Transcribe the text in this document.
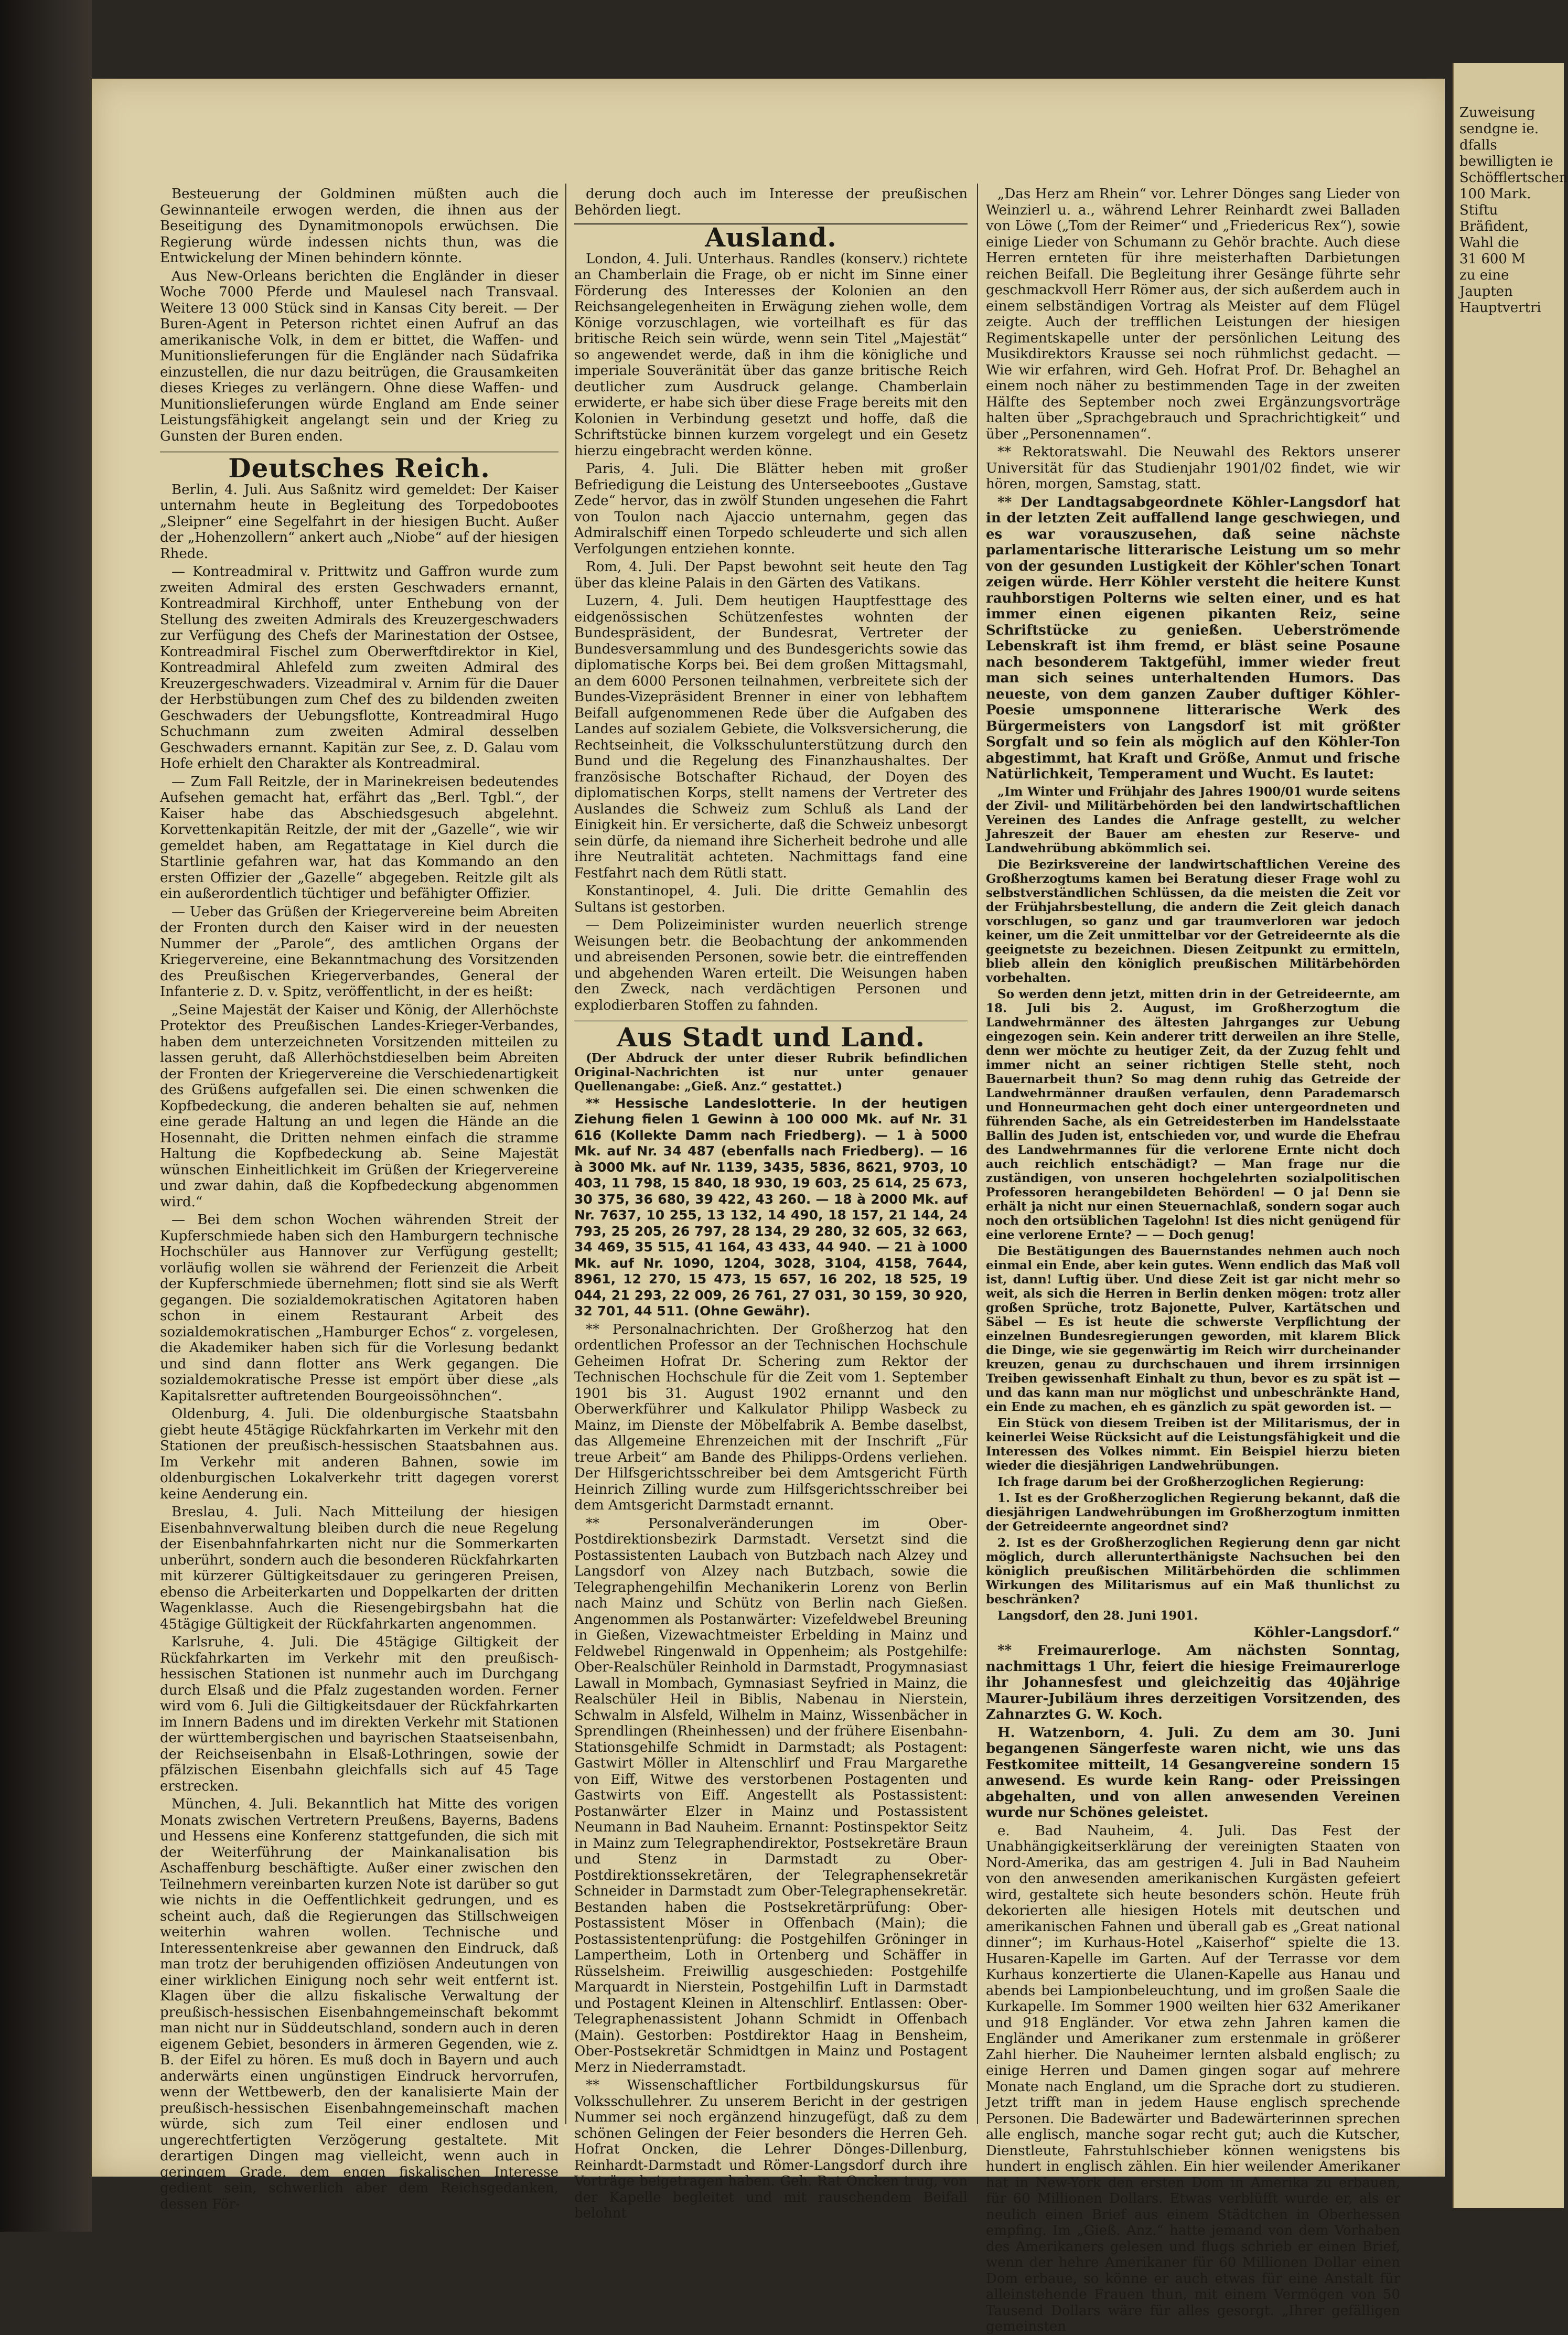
Besteuerung der Goldminen müßten auch die Gewinnanteile erwogen werden, die ihnen aus der Beseitigung des Dynamitmonopols erwüchsen. Die Regierung würde indessen nichts thun, was die Entwickelung der Minen behindern könnte.

Aus New-Orleans berichten die Engländer in dieser Woche 7000 Pferde und Maulesel nach Transvaal. Weitere 13 000 Stück sind in Kansas City bereit. — Der Buren-Agent in Peterson richtet einen Aufruf an das amerikanische Volk, in dem er bittet, die Waffen- und Munitionslieferungen für die Engländer nach Südafrika einzustellen, die nur dazu beitrügen, die Grausamkeiten dieses Krieges zu verlängern. Ohne diese Waffen- und Munitionslieferungen würde England am Ende seiner Leistungsfähigkeit angelangt sein und der Krieg zu Gunsten der Buren enden.

Deutsches Reich.

Berlin, 4. Juli. Aus Saßnitz wird gemeldet: Der Kaiser unternahm heute in Begleitung des Torpedobootes „Sleipner“ eine Segelfahrt in der hiesigen Bucht. Außer der „Hohenzollern“ ankert auch „Niobe“ auf der hiesigen Rhede.

— Kontreadmiral v. Prittwitz und Gaffron wurde zum zweiten Admiral des ersten Geschwaders ernannt, Kontreadmiral Kirchhoff, unter Enthebung von der Stellung des zweiten Admirals des Kreuzergeschwaders zur Verfügung des Chefs der Marinestation der Ostsee, Kontreadmiral Fischel zum Oberwerftdirektor in Kiel, Kontreadmiral Ahlefeld zum zweiten Admiral des Kreuzergeschwaders. Vizeadmiral v. Arnim für die Dauer der Herbstübungen zum Chef des zu bildenden zweiten Geschwaders der Uebungsflotte, Kontreadmiral Hugo Schuchmann zum zweiten Admiral desselben Geschwaders ernannt. Kapitän zur See, z. D. Galau vom Hofe erhielt den Charakter als Kontreadmiral.

— Zum Fall Reitzle, der in Marinekreisen bedeutendes Aufsehen gemacht hat, erfährt das „Berl. Tgbl.“, der Kaiser habe das Abschiedsgesuch abgelehnt. Korvettenkapitän Reitzle, der mit der „Gazelle“, wie wir gemeldet haben, am Regattatage in Kiel durch die Startlinie gefahren war, hat das Kommando an den ersten Offizier der „Gazelle“ abgegeben. Reitzle gilt als ein außerordentlich tüchtiger und befähigter Offizier.

— Ueber das Grüßen der Kriegervereine beim Abreiten der Fronten durch den Kaiser wird in der neuesten Nummer der „Parole“, des amtlichen Organs der Kriegervereine, eine Bekanntmachung des Vorsitzenden des Preußischen Kriegerverbandes, General der Infanterie z. D. v. Spitz, veröffentlicht, in der es heißt:

„Seine Majestät der Kaiser und König, der Allerhöchste Protektor des Preußischen Landes-Krieger-Verbandes, haben dem unterzeichneten Vorsitzenden mitteilen zu lassen geruht, daß Allerhöchstdieselben beim Abreiten der Fronten der Kriegervereine die Verschiedenartigkeit des Grüßens aufgefallen sei. Die einen schwenken die Kopfbedeckung, die anderen behalten sie auf, nehmen eine gerade Haltung an und legen die Hände an die Hosennaht, die Dritten nehmen einfach die stramme Haltung die Kopfbedeckung ab. Seine Majestät wünschen Einheitlichkeit im Grüßen der Kriegervereine und zwar dahin, daß die Kopfbedeckung abgenommen wird.“

— Bei dem schon Wochen währenden Streit der Kupferschmiede haben sich den Hamburgern technische Hochschüler aus Hannover zur Verfügung gestellt; vorläufig wollen sie während der Ferienzeit die Arbeit der Kupferschmiede übernehmen; flott sind sie als Werft gegangen. Die sozialdemokratischen Agitatoren haben schon in einem Restaurant Arbeit des sozialdemokratischen „Hamburger Echos“ z. vorgelesen, die Akademiker haben sich für die Vorlesung bedankt und sind dann flotter ans Werk gegangen. Die sozialdemokratische Presse ist empört über diese „als Kapitalsretter auftretenden Bourgeoissöhnchen“.

Oldenburg, 4. Juli. Die oldenburgische Staatsbahn giebt heute 45tägige Rückfahrkarten im Verkehr mit den Stationen der preußisch-hessischen Staatsbahnen aus. Im Verkehr mit anderen Bahnen, sowie im oldenburgischen Lokalverkehr tritt dagegen vorerst keine Aenderung ein.

Breslau, 4. Juli. Nach Mitteilung der hiesigen Eisenbahnverwaltung bleiben durch die neue Regelung der Eisenbahnfahrkarten nicht nur die Sommerkarten unberührt, sondern auch die besonderen Rückfahrkarten mit kürzerer Gültigkeitsdauer zu geringeren Preisen, ebenso die Arbeiterkarten und Doppelkarten der dritten Wagenklasse. Auch die Riesengebirgsbahn hat die 45tägige Gültigkeit der Rückfahrkarten angenommen.

Karlsruhe, 4. Juli. Die 45tägige Giltigkeit der Rückfahrkarten im Verkehr mit den preußisch-hessischen Stationen ist nunmehr auch im Durchgang durch Elsaß und die Pfalz zugestanden worden. Ferner wird vom 6. Juli die Giltigkeitsdauer der Rückfahrkarten im Innern Badens und im direkten Verkehr mit Stationen der württembergischen und bayrischen Staatseisenbahn, der Reichseisenbahn in Elsaß-Lothringen, sowie der pfälzischen Eisenbahn gleichfalls sich auf 45 Tage erstrecken.

München, 4. Juli. Bekanntlich hat Mitte des vorigen Monats zwischen Vertretern Preußens, Bayerns, Badens und Hessens eine Konferenz stattgefunden, die sich mit der Weiterführung der Mainkanalisation bis Aschaffenburg beschäftigte. Außer einer zwischen den Teilnehmern vereinbarten kurzen Note ist darüber so gut wie nichts in die Oeffentlichkeit gedrungen, und es scheint auch, daß die Regierungen das Stillschweigen weiterhin wahren wollen. Technische und Interessentenkreise aber gewannen den Eindruck, daß man trotz der beruhigenden offiziösen Andeutungen von einer wirklichen Einigung noch sehr weit entfernt ist. Klagen über die allzu fiskalische Verwaltung der preußisch-hessischen Eisenbahngemeinschaft bekommt man nicht nur in Süddeutschland, sondern auch in deren eigenem Gebiet, besonders in ärmeren Gegenden, wie z. B. der Eifel zu hören. Es muß doch in Bayern und auch anderwärts einen ungünstigen Eindruck hervorrufen, wenn der Wettbewerb, den der kanalisierte Main der preußisch-hessischen Eisenbahngemeinschaft machen würde, sich zum Teil einer endlosen und ungerechtfertigten Verzögerung gestaltete. Mit derartigen Dingen mag vielleicht, wenn auch in geringem Grade, dem engen fiskalischen Interesse gedient sein, schwerlich aber dem Reichsgedanken, dessen För-

derung doch auch im Interesse der preußischen Behörden liegt.

Ausland.

London, 4. Juli. Unterhaus. Randles (konserv.) richtete an Chamberlain die Frage, ob er nicht im Sinne einer Förderung des Interesses der Kolonien an den Reichsangelegenheiten in Erwägung ziehen wolle, dem Könige vorzuschlagen, wie vorteilhaft es für das britische Reich sein würde, wenn sein Titel „Majestät“ so angewendet werde, daß in ihm die königliche und imperiale Souveränität über das ganze britische Reich deutlicher zum Ausdruck gelange. Chamberlain erwiderte, er habe sich über diese Frage bereits mit den Kolonien in Verbindung gesetzt und hoffe, daß die Schriftstücke binnen kurzem vorgelegt und ein Gesetz hierzu eingebracht werden könne.

Paris, 4. Juli. Die Blätter heben mit großer Befriedigung die Leistung des Unterseebootes „Gustave Zede“ hervor, das in zwölf Stunden ungesehen die Fahrt von Toulon nach Ajaccio unternahm, gegen das Admiralschiff einen Torpedo schleuderte und sich allen Verfolgungen entziehen konnte.

Rom, 4. Juli. Der Papst bewohnt seit heute den Tag über das kleine Palais in den Gärten des Vatikans.

Luzern, 4. Juli. Dem heutigen Hauptfesttage des eidgenössischen Schützenfestes wohnten der Bundespräsident, der Bundesrat, Vertreter der Bundesversammlung und des Bundesgerichts sowie das diplomatische Korps bei. Bei dem großen Mittagsmahl, an dem 6000 Personen teilnahmen, verbreitete sich der Bundes-Vizepräsident Brenner in einer von lebhaftem Beifall aufgenommenen Rede über die Aufgaben des Landes auf sozialem Gebiete, die Volksversicherung, die Rechtseinheit, die Volksschulunterstützung durch den Bund und die Regelung des Finanzhaushaltes. Der französische Botschafter Richaud, der Doyen des diplomatischen Korps, stellt namens der Vertreter des Auslandes die Schweiz zum Schluß als Land der Einigkeit hin. Er versicherte, daß die Schweiz unbesorgt sein dürfe, da niemand ihre Sicherheit bedrohe und alle ihre Neutralität achteten. Nachmittags fand eine Festfahrt nach dem Rütli statt.

Konstantinopel, 4. Juli. Die dritte Gemahlin des Sultans ist gestorben.

— Dem Polizeiminister wurden neuerlich strenge Weisungen betr. die Beobachtung der ankommenden und abreisenden Personen, sowie betr. die eintreffenden und abgehenden Waren erteilt. Die Weisungen haben den Zweck, nach verdächtigen Personen und explodierbaren Stoffen zu fahnden.

Aus Stadt und Land.

(Der Abdruck der unter dieser Rubrik befindlichen Original-Nachrichten ist nur unter genauer Quellenangabe: „Gieß. Anz.“ gestattet.)

** Hessische Landeslotterie. In der heutigen Ziehung fielen 1 Gewinn à 100 000 Mk. auf Nr. 31 616 (Kollekte Damm nach Friedberg). — 1 à 5000 Mk. auf Nr. 34 487 (ebenfalls nach Friedberg). — 16 à 3000 Mk. auf Nr. 1139, 3435, 5836, 8621, 9703, 10 403, 11 798, 15 840, 18 930, 19 603, 25 614, 25 673, 30 375, 36 680, 39 422, 43 260. — 18 à 2000 Mk. auf Nr. 7637, 10 255, 13 132, 14 490, 18 157, 21 144, 24 793, 25 205, 26 797, 28 134, 29 280, 32 605, 32 663, 34 469, 35 515, 41 164, 43 433, 44 940. — 21 à 1000 Mk. auf Nr. 1090, 1204, 3028, 3104, 4158, 7644, 8961, 12 270, 15 473, 15 657, 16 202, 18 525, 19 044, 21 293, 22 009, 26 761, 27 031, 30 159, 30 920, 32 701, 44 511. (Ohne Gewähr).

** Personalnachrichten. Der Großherzog hat den ordentlichen Professor an der Technischen Hochschule Geheimen Hofrat Dr. Schering zum Rektor der Technischen Hochschule für die Zeit vom 1. September 1901 bis 31. August 1902 ernannt und den Oberwerkführer und Kalkulator Philipp Wasbeck zu Mainz, im Dienste der Möbelfabrik A. Bembe daselbst, das Allgemeine Ehrenzeichen mit der Inschrift „Für treue Arbeit“ am Bande des Philipps-Ordens verliehen. Der Hilfsgerichtsschreiber bei dem Amtsgericht Fürth Heinrich Zilling wurde zum Hilfsgerichtsschreiber bei dem Amtsgericht Darmstadt ernannt.

** Personalveränderungen im Ober-Postdirektionsbezirk Darmstadt. Versetzt sind die Postassistenten Laubach von Butzbach nach Alzey und Langsdorf von Alzey nach Butzbach, sowie die Telegraphengehilfin Mechanikerin Lorenz von Berlin nach Mainz und Schütz von Berlin nach Gießen. Angenommen als Postanwärter: Vizefeldwebel Breuning in Gießen, Vizewachtmeister Erbelding in Mainz und Feldwebel Ringenwald in Oppenheim; als Postgehilfe: Ober-Realschüler Reinhold in Darmstadt, Progymnasiast Lawall in Mombach, Gymnasiast Seyfried in Mainz, die Realschüler Heil in Biblis, Nabenau in Nierstein, Schwalm in Alsfeld, Wilhelm in Mainz, Wissenbächer in Sprendlingen (Rheinhessen) und der frühere Eisenbahn-Stationsgehilfe Schmidt in Darmstadt; als Postagent: Gastwirt Möller in Altenschlirf und Frau Margarethe von Eiff, Witwe des verstorbenen Postagenten und Gastwirts von Eiff. Angestellt als Postassistent: Postanwärter Elzer in Mainz und Postassistent Neumann in Bad Nauheim. Ernannt: Postinspektor Seitz in Mainz zum Telegraphendirektor, Postsekretäre Braun und Stenz in Darmstadt zu Ober-Postdirektionssekretären, der Telegraphensekretär Schneider in Darmstadt zum Ober-Telegraphensekretär. Bestanden haben die Postsekretärprüfung: Ober-Postassistent Möser in Offenbach (Main); die Postassistentenprüfung: die Postgehilfen Gröninger in Lampertheim, Loth in Ortenberg und Schäffer in Rüsselsheim. Freiwillig ausgeschieden: Postgehilfe Marquardt in Nierstein, Postgehilfin Luft in Darmstadt und Postagent Kleinen in Altenschlirf. Entlassen: Ober-Telegraphenassistent Johann Schmidt in Offenbach (Main). Gestorben: Postdirektor Haag in Bensheim, Ober-Postsekretär Schmidtgen in Mainz und Postagent Merz in Niederramstadt.

** Wissenschaftlicher Fortbildungskursus für Volksschullehrer. Zu unserem Bericht in der gestrigen Nummer sei noch ergänzend hinzugefügt, daß zu dem schönen Gelingen der Feier besonders die Herren Geh. Hofrat Oncken, die Lehrer Dönges-Dillenburg, Reinhardt-Darmstadt und Römer-Langsdorf durch ihre Vorträge beigetragen haben. Geh. Rat Oncken trug, von der Kapelle begleitet und mit rauschendem Beifall belohnt

„Das Herz am Rhein“ vor. Lehrer Dönges sang Lieder von Weinzierl u. a., während Lehrer Reinhardt zwei Balladen von Löwe („Tom der Reimer“ und „Friedericus Rex“), sowie einige Lieder von Schumann zu Gehör brachte. Auch diese Herren ernteten für ihre meisterhaften Darbietungen reichen Beifall. Die Begleitung ihrer Gesänge führte sehr geschmackvoll Herr Römer aus, der sich außerdem auch in einem selbständigen Vortrag als Meister auf dem Flügel zeigte. Auch der trefflichen Leistungen der hiesigen Regimentskapelle unter der persönlichen Leitung des Musikdirektors Krausse sei noch rühmlichst gedacht. — Wie wir erfahren, wird Geh. Hofrat Prof. Dr. Behaghel an einem noch näher zu bestimmenden Tage in der zweiten Hälfte des September noch zwei Ergänzungsvorträge halten über „Sprachgebrauch und Sprachrichtigkeit“ und über „Personennamen“.

** Rektoratswahl. Die Neuwahl des Rektors unserer Universität für das Studienjahr 1901/02 findet, wie wir hören, morgen, Samstag, statt.

** Der Landtagsabgeordnete Köhler-Langsdorf hat in der letzten Zeit auffallend lange geschwiegen, und es war vorauszusehen, daß seine nächste parlamentarische litterarische Leistung um so mehr von der gesunden Lustigkeit der Köhler'schen Tonart zeigen würde. Herr Köhler versteht die heitere Kunst rauhborstigen Polterns wie selten einer, und es hat immer einen eigenen pikanten Reiz, seine Schriftstücke zu genießen. Ueberströmende Lebenskraft ist ihm fremd, er bläst seine Posaune nach besonderem Taktgefühl, immer wieder freut man sich seines unterhaltenden Humors. Das neueste, von dem ganzen Zauber duftiger Köhler-Poesie umsponnene litterarische Werk des Bürgermeisters von Langsdorf ist mit größter Sorgfalt und so fein als möglich auf den Köhler-Ton abgestimmt, hat Kraft und Größe, Anmut und frische Natürlichkeit, Temperament und Wucht. Es lautet:

„Im Winter und Frühjahr des Jahres 1900/01 wurde seitens der Zivil- und Militärbehörden bei den landwirtschaftlichen Vereinen des Landes die Anfrage gestellt, zu welcher Jahreszeit der Bauer am ehesten zur Reserve- und Landwehrübung abkömmlich sei.

Die Bezirksvereine der landwirtschaftlichen Vereine des Großherzogtums kamen bei Beratung dieser Frage wohl zu selbstverständlichen Schlüssen, da die meisten die Zeit vor der Frühjahrsbestellung, die andern die Zeit gleich danach vorschlugen, so ganz und gar traumverloren war jedoch keiner, um die Zeit unmittelbar vor der Getreideernte als die geeignetste zu bezeichnen. Diesen Zeitpunkt zu ermitteln, blieb allein den königlich preußischen Militärbehörden vorbehalten.

So werden denn jetzt, mitten drin in der Getreideernte, am 18. Juli bis 2. August, im Großherzogtum die Landwehrmänner des ältesten Jahrganges zur Uebung eingezogen sein. Kein anderer tritt derweilen an ihre Stelle, denn wer möchte zu heutiger Zeit, da der Zuzug fehlt und immer nicht an seiner richtigen Stelle steht, noch Bauernarbeit thun? So mag denn ruhig das Getreide der Landwehrmänner draußen verfaulen, denn Parademarsch und Honneurmachen geht doch einer untergeordneten und führenden Sache, als ein Getreidesterben im Handelsstaate Ballin des Juden ist, entschieden vor, und wurde die Ehefrau des Landwehrmannes für die verlorene Ernte nicht doch auch reichlich entschädigt? — Man frage nur die zuständigen, von unseren hochgelehrten sozialpolitischen Professoren herangebildeten Behörden! — O ja! Denn sie erhält ja nicht nur einen Steuernachlaß, sondern sogar auch noch den ortsüblichen Tagelohn! Ist dies nicht genügend für eine verlorene Ernte? — — Doch genug!

Die Bestätigungen des Bauernstandes nehmen auch noch einmal ein Ende, aber kein gutes. Wenn endlich das Maß voll ist, dann! Luftig über. Und diese Zeit ist gar nicht mehr so weit, als sich die Herren in Berlin denken mögen: trotz aller großen Sprüche, trotz Bajonette, Pulver, Kartätschen und Säbel — Es ist heute die schwerste Verpflichtung der einzelnen Bundesregierungen geworden, mit klarem Blick die Dinge, wie sie gegenwärtig im Reich wirr durcheinander kreuzen, genau zu durchschauen und ihrem irrsinnigen Treiben gewissenhaft Einhalt zu thun, bevor es zu spät ist — und das kann man nur möglichst und unbeschränkte Hand, ein Ende zu machen, eh es gänzlich zu spät geworden ist. —

Ein Stück von diesem Treiben ist der Militarismus, der in keinerlei Weise Rücksicht auf die Leistungsfähigkeit und die Interessen des Volkes nimmt. Ein Beispiel hierzu bieten wieder die diesjährigen Landwehrübungen.

Ich frage darum bei der Großherzoglichen Regierung:

1. Ist es der Großherzoglichen Regierung bekannt, daß die diesjährigen Landwehrübungen im Großherzogtum inmitten der Getreideernte angeordnet sind?

2. Ist es der Großherzoglichen Regierung denn gar nicht möglich, durch allerunterthänigste Nachsuchen bei den königlich preußischen Militärbehörden die schlimmen Wirkungen des Militarismus auf ein Maß thunlichst zu beschränken?

Langsdorf, den 28. Juni 1901.

Köhler-Langsdorf.“

** Freimaurerloge. Am nächsten Sonntag, nachmittags 1 Uhr, feiert die hiesige Freimaurerloge ihr Johannesfest und gleichzeitig das 40jährige Maurer-Jubiläum ihres derzeitigen Vorsitzenden, des Zahnarztes G. W. Koch.

H. Watzenborn, 4. Juli. Zu dem am 30. Juni begangenen Sängerfeste waren nicht, wie uns das Festkomitee mitteilt, 14 Gesangvereine sondern 15 anwesend. Es wurde kein Rang- oder Preissingen abgehalten, und von allen anwesenden Vereinen wurde nur Schönes geleistet.

e. Bad Nauheim, 4. Juli. Das Fest der Unabhängigkeitserklärung der vereinigten Staaten von Nord-Amerika, das am gestrigen 4. Juli in Bad Nauheim von den anwesenden amerikanischen Kurgästen gefeiert wird, gestaltete sich heute besonders schön. Heute früh dekorierten alle hiesigen Hotels mit deutschen und amerikanischen Fahnen und überall gab es „Great national dinner“; im Kurhaus-Hotel „Kaiserhof“ spielte die 13. Husaren-Kapelle im Garten. Auf der Terrasse vor dem Kurhaus konzertierte die Ulanen-Kapelle aus Hanau und abends bei Lampionbeleuchtung, und im großen Saale die Kurkapelle. Im Sommer 1900 weilten hier 632 Amerikaner und 918 Engländer. Vor etwa zehn Jahren kamen die Engländer und Amerikaner zum erstenmale in größerer Zahl hierher. Die Nauheimer lernten alsbald englisch; zu einige Herren und Damen gingen sogar auf mehrere Monate nach England, um die Sprache dort zu studieren. Jetzt trifft man in jedem Hause englisch sprechende Personen. Die Badewärter und Badewärterinnen sprechen alle englisch, manche sogar recht gut; auch die Kutscher, Dienstleute, Fahrstuhlschieber können wenigstens bis hundert in englisch zählen. Ein hier weilender Amerikaner hat in New-York den ersten Dom in Amerika zu erbauen, für 60 Millionen Dollars. Etwas verblüfft wurde er, als er neulich einen Brief aus einem Städtchen in Oberhessen empfing. Im „Gieß. Anz.“ hatte jemand von dem Vorhaben des Amerikaners gelesen und flugs schrieb er einen Brief, wenn der hehre Amerikaner für 60 Millionen Dollar einen Dom erbaue, so könne er auch etwas für eine Anstalt für alleinstehende Frauen thun, mit einem Vermögen von 50 Tausend Dollars wäre für alles gesorgt. „Ihrer gefälligen gemeinsten

Zuweisung
sendgne ie.
dfalls
bewilligten ie
Schöfflertschen
100 Mark.
Stiftu
Bräfident,
Wahl die
31 600 M
zu eine
Jaupten
Hauptvertri
